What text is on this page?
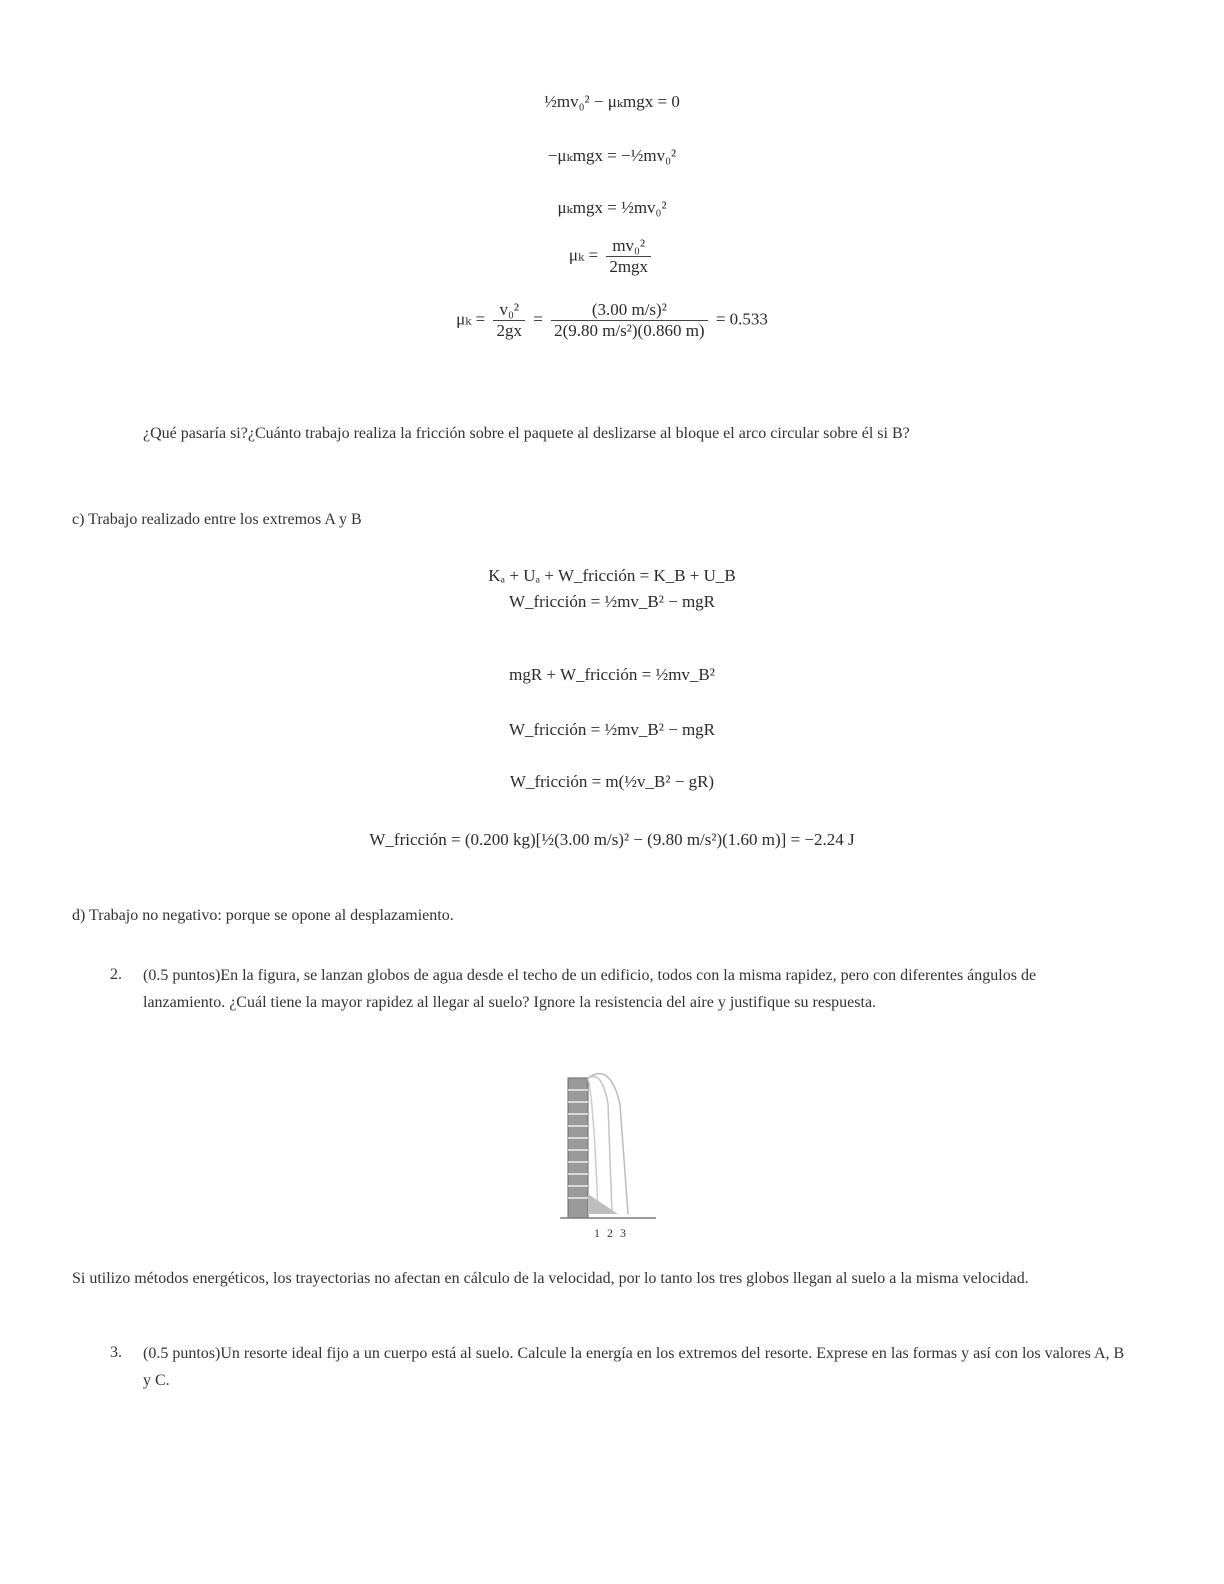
½mv₀² − μₖmgx = 0
−μₖmgx = −½mv₀²
μₖmgx = ½mv₀²
$\mu_k = \frac{\text{mv₀²}}{\text{2mgx}}$
$\mu_k = \frac{\text{v₀²}}{2gx} = \frac{\text{(3.00 m/s)²}}{\text{2(9.80 m/s²)(0.860 m)}} = 0.533$
¿Qué pasaría si?¿Cuánto trabajo realiza la fricción sobre el paquete al deslizarse al bloque el arco circular sobre él si B?
c) Trabajo realizado entre los extremos A y B
Kₐ + Uₐ + W_fricción = K_B + U_B
W_fricción = ½mv_B² − mgR
mgR + W_fricción = ½mv_B²
W_fricción = ½mv_B² − mgR
W_fricción = m(½v_B² − gR)
W_fricción = (0.200 kg)[½(3.00 m/s)² − (9.80 m/s²)(1.60 m)] = −2.24 J
d) Trabajo no negativo: porque se opone al desplazamiento.
2. (0.5 puntos)En la figura, se lanzan globos de agua desde el techo de un edificio, todos con la misma rapidez, pero con diferentes ángulos de lanzamiento. ¿Cuál tiene la mayor rapidez al llegar al suelo? Ignore la resistencia del aire y justifique su respuesta.
1 2 3
Si utilizo métodos energéticos, los trayectorias no afectan en cálculo de la velocidad, por lo tanto los tres globos llegan al suelo a la misma velocidad.
3. (0.5 puntos)Un resorte ideal fijo a un cuerpo está al suelo. Calcule la energía en los extremos del resorte. Exprese en las formas y así con los valores A, B y C.
